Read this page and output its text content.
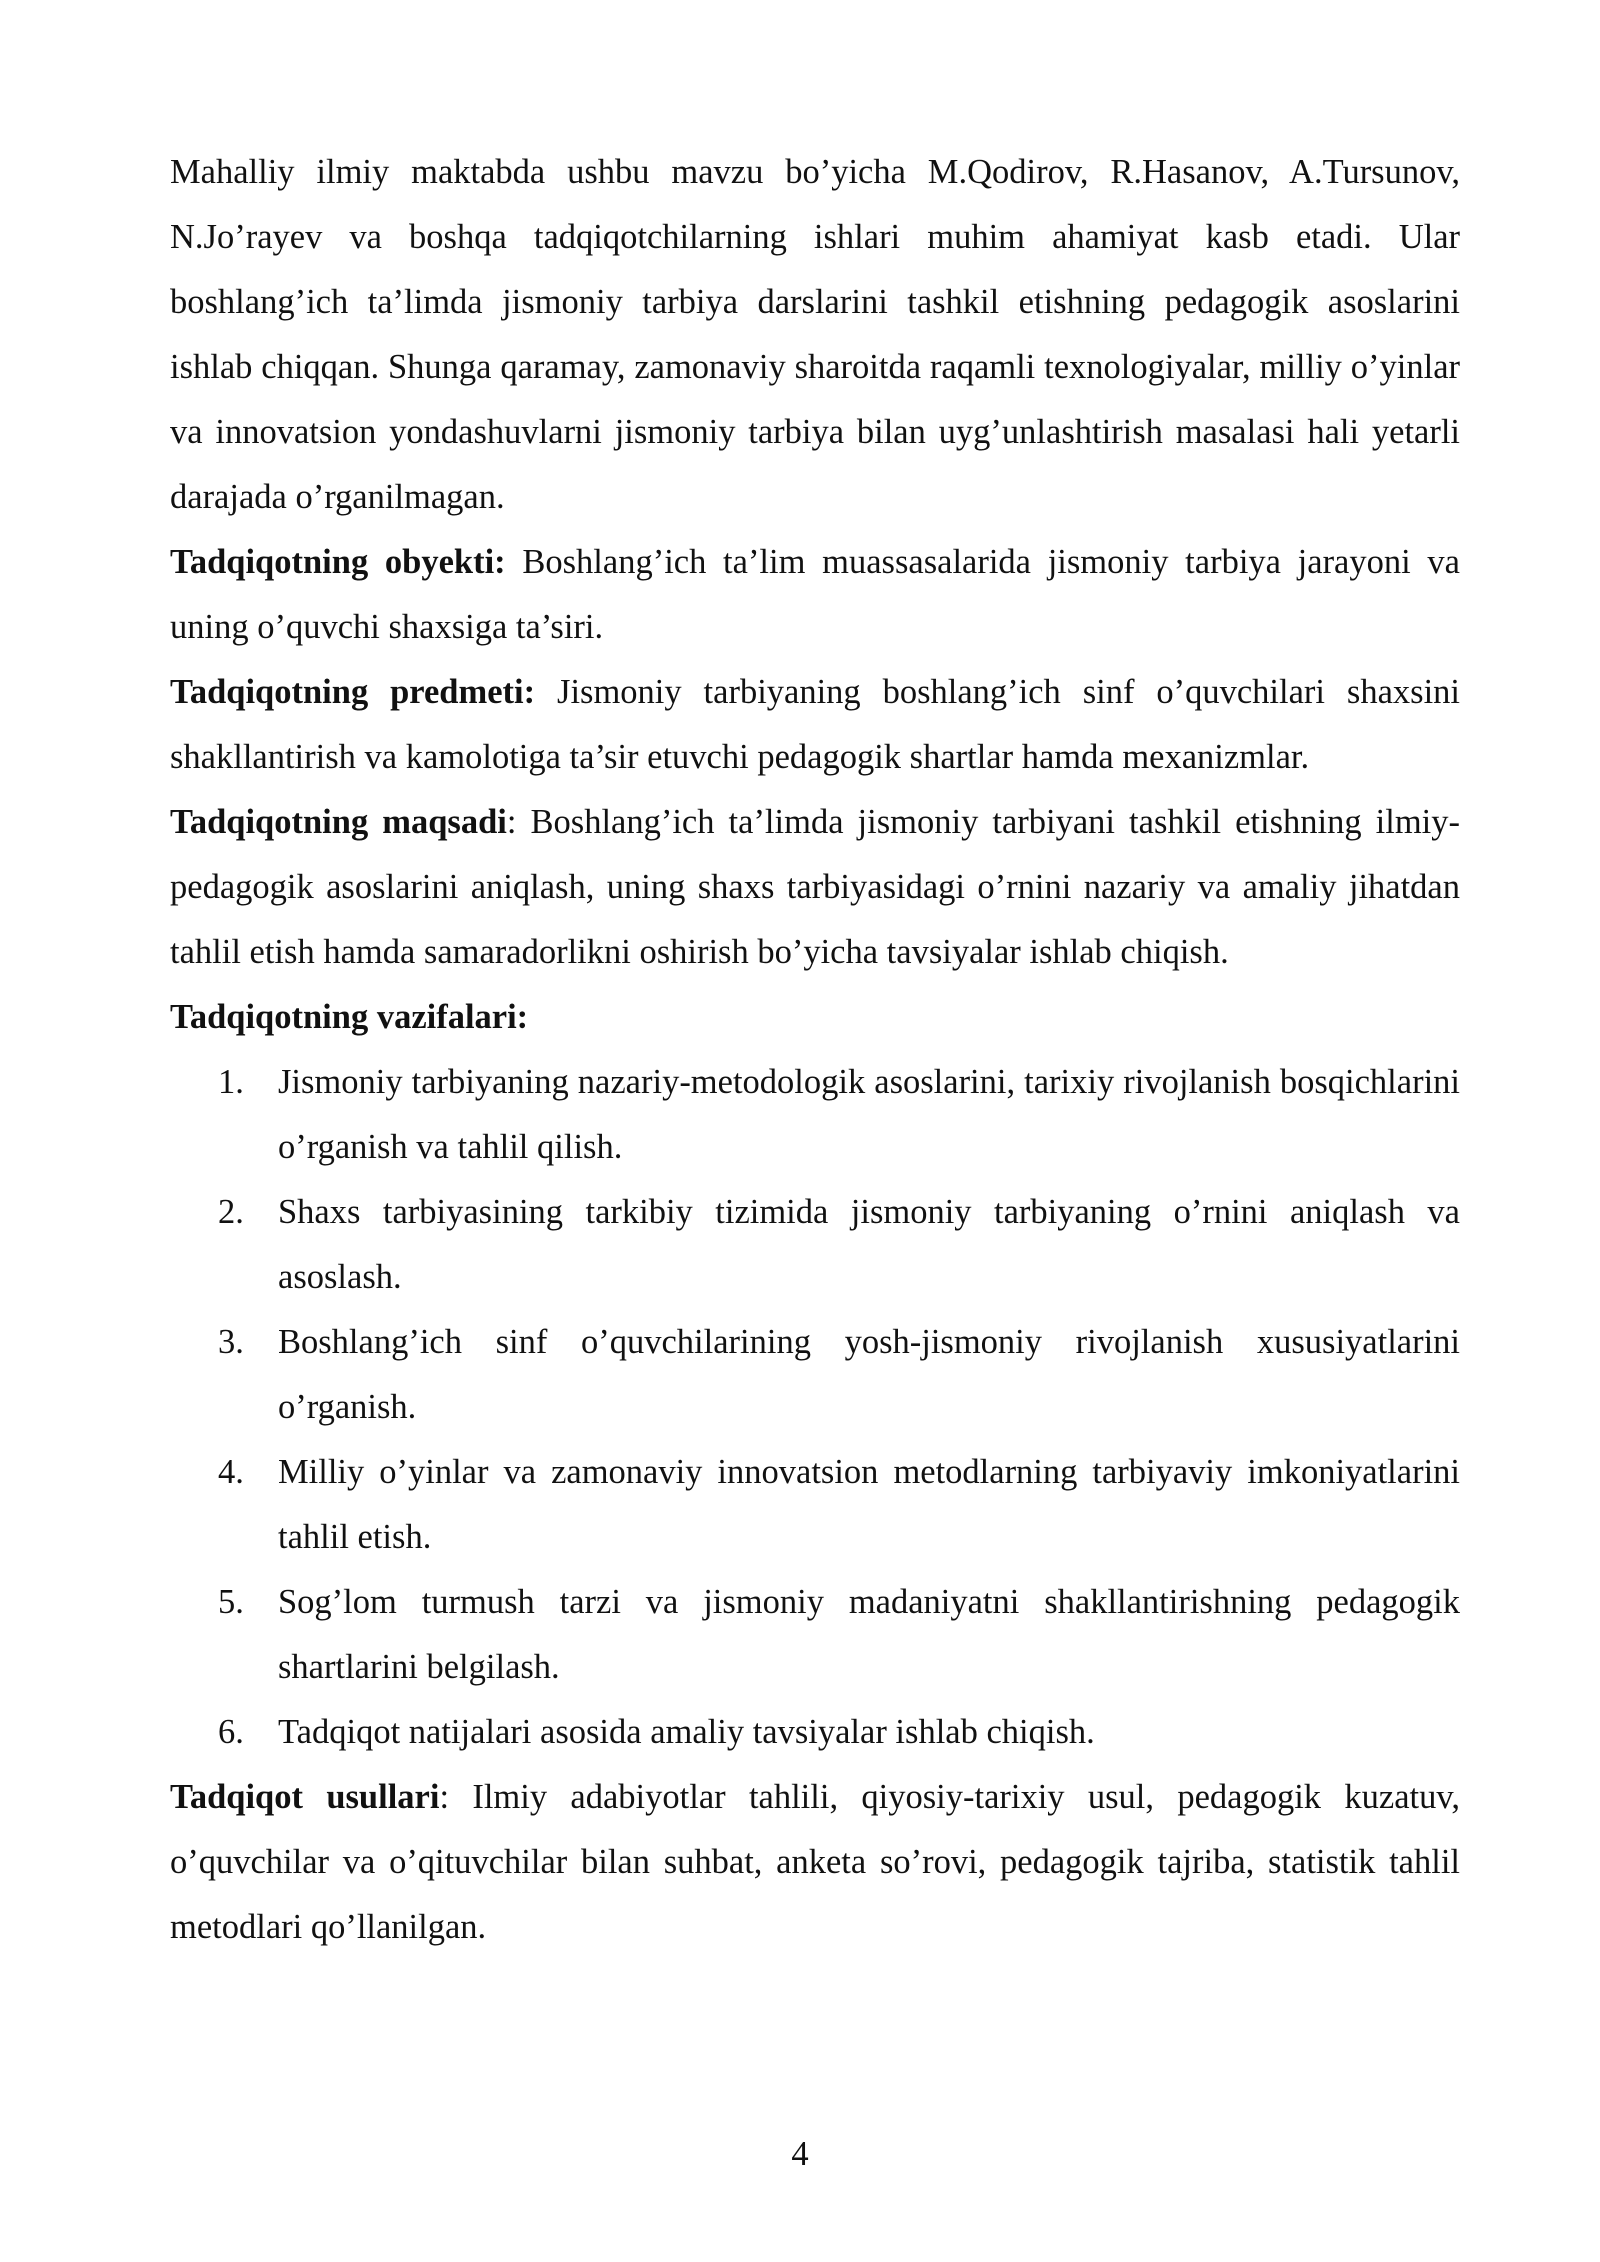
Mahalliy ilmiy maktabda ushbu mavzu bo’yicha M.Qodirov, R.Hasanov, A.Tursunov, N.Jo’rayev va boshqa tadqiqotchilarning ishlari muhim ahamiyat kasb etadi. Ular boshlang’ich ta’limda jismoniy tarbiya darslarini tashkil etishning pedagogik asoslarini ishlab chiqqan. Shunga qaramay, zamonaviy sharoitda raqamli texnologiyalar, milliy o’yinlar va innovatsion yondashuvlarni jismoniy tarbiya bilan uyg’unlashtirish masalasi hali yetarli darajada o’rganilmagan.

Tadqiqotning obyekti: Boshlang’ich ta’lim muassasalarida jismoniy tarbiya jarayoni va uning o’quvchi shaxsiga ta’siri.

Tadqiqotning predmeti: Jismoniy tarbiyaning boshlang’ich sinf o’quvchilari shaxsini shakllantirish va kamolotiga ta’sir etuvchi pedagogik shartlar hamda mexanizmlar.

Tadqiqotning maqsadi: Boshlang’ich ta’limda jismoniy tarbiyani tashkil etishning ilmiy-pedagogik asoslarini aniqlash, uning shaxs tarbiyasidagi o’rnini nazariy va amaliy jihatdan tahlil etish hamda samaradorlikni oshirish bo’yicha tavsiyalar ishlab chiqish.

Tadqiqotning vazifalari:

1. Jismoniy tarbiyaning nazariy-metodologik asoslarini, tarixiy rivojlanish bosqichlarini o’rganish va tahlil qilish.
2. Shaxs tarbiyasining tarkibiy tizimida jismoniy tarbiyaning o’rnini aniqlash va asoslash.
3. Boshlang’ich sinf o’quvchilarining yosh-jismoniy rivojlanish xususiyatlarini o’rganish.
4. Milliy o’yinlar va zamonaviy innovatsion metodlarning tarbiyaviy imkoniyatlarini tahlil etish.
5. Sog’lom turmush tarzi va jismoniy madaniyatni shakllantirishning pedagogik shartlarini belgilash.
6. Tadqiqot natijalari asosida amaliy tavsiyalar ishlab chiqish.

Tadqiqot usullari: Ilmiy adabiyotlar tahlili, qiyosiy-tarixiy usul, pedagogik kuzatuv, o’quvchilar va o’qituvchilar bilan suhbat, anketa so’rovi, pedagogik tajriba, statistik tahlil metodlari qo’llanilgan.

4
